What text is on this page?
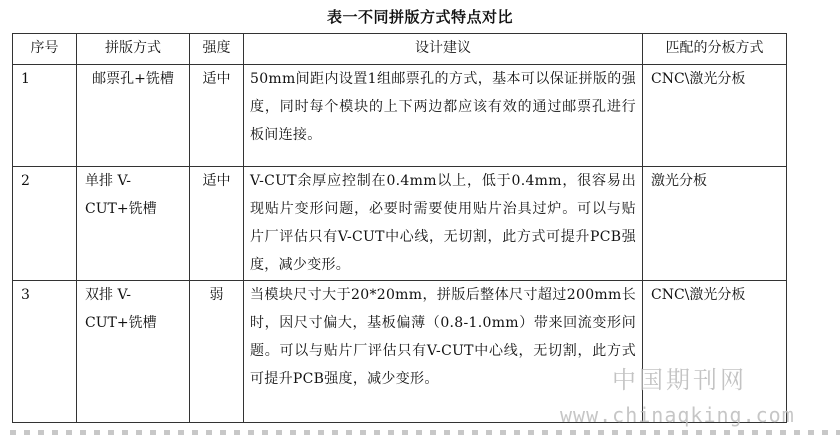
表一不同拼版方式特点对比
序号	拼版方式	强度	设计建议	匹配的分板方式
1	邮票孔+铣槽	适中	50mm间距内设置1组邮票孔的方式，基本可以保证拼版的强度，同时每个模块的上下两边都应该有效的通过邮票孔进行板间连接。	CNC\激光分板
2	单排 V-CUT+铣槽	适中	V-CUT余厚应控制在0.4mm以上，低于0.4mm，很容易出现贴片变形问题，必要时需要使用贴片治具过炉。可以与贴片厂评估只有V-CUT中心线，无切割，此方式可提升PCB强度，减少变形。	激光分板
3	双排 V-CUT+铣槽	弱	当模块尺寸大于20*20mm，拼版后整体尺寸超过200mm长时，因尺寸偏大，基板偏薄（0.8-1.0mm）带来回流变形问题。可以与贴片厂评估只有V-CUT中心线，无切割，此方式可提升PCB强度，减少变形。	CNC\激光分板
中国期刊网
www.chinaqking.com
